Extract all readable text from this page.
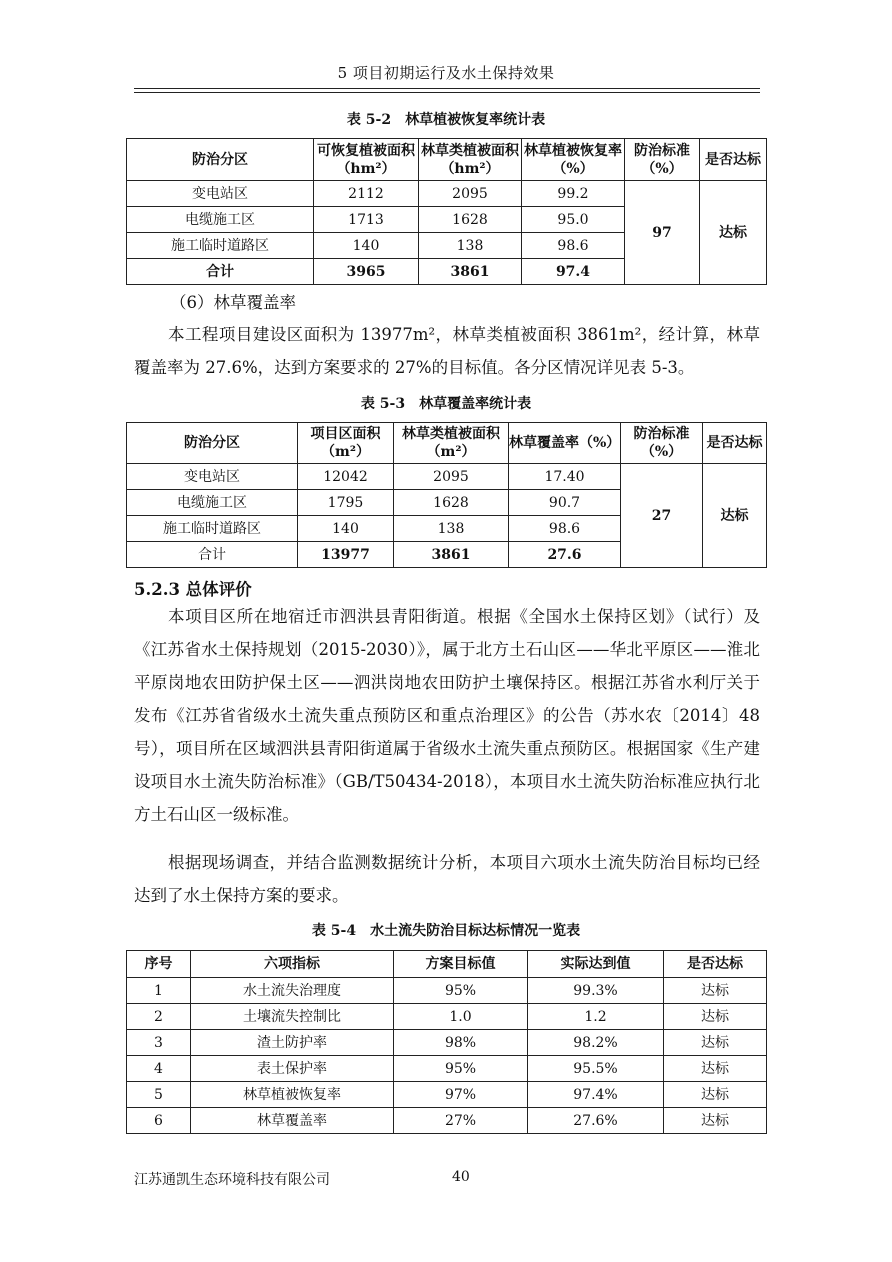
5 项目初期运行及水土保持效果
表 5-2　林草植被恢复率统计表
防治分区	可恢复植被面积（hm²）	林草类植被面积（hm²）	林草植被恢复率（%）	防治标准（%）	是否达标
变电站区	2112	2095	99.2	97	达标
电缆施工区	1713	1628	95.0		
施工临时道路区	140	138	98.6		
合计	3965	3861	97.4		
（6）林草覆盖率
本工程项目建设区面积为 13977m²，林草类植被面积 3861m²，经计算，林草覆盖率为 27.6%，达到方案要求的 27%的目标值。各分区情况详见表 5-3。
表 5-3　林草覆盖率统计表
防治分区	项目区面积（m²）	林草类植被面积（m²）	林草覆盖率（%）	防治标准（%）	是否达标
变电站区	12042	2095	17.40	27	达标
电缆施工区	1795	1628	90.7		
施工临时道路区	140	138	98.6		
合计	13977	3861	27.6		
5.2.3 总体评价
本项目区所在地宿迁市泗洪县青阳街道。根据《全国水土保持区划》（试行）及《江苏省水土保持规划（2015-2030）》，属于北方土石山区——华北平原区——淮北平原岗地农田防护保土区——泗洪岗地农田防护土壤保持区。根据江苏省水利厅关于发布《江苏省省级水土流失重点预防区和重点治理区》的公告（苏水农〔2014〕48 号），项目所在区域泗洪县青阳街道属于省级水土流失重点预防区。根据国家《生产建设项目水土流失防治标准》（GB/T50434-2018），本项目水土流失防治标准应执行北方土石山区一级标准。
根据现场调查，并结合监测数据统计分析，本项目六项水土流失防治目标均已经达到了水土保持方案的要求。
表 5-4　水土流失防治目标达标情况一览表
序号	六项指标	方案目标值	实际达到值	是否达标
1	水土流失治理度	95%	99.3%	达标
2	土壤流失控制比	1.0	1.2	达标
3	渣土防护率	98%	98.2%	达标
4	表土保护率	95%	95.5%	达标
5	林草植被恢复率	97%	97.4%	达标
6	林草覆盖率	27%	27.6%	达标
江苏通凯生态环境科技有限公司	40
